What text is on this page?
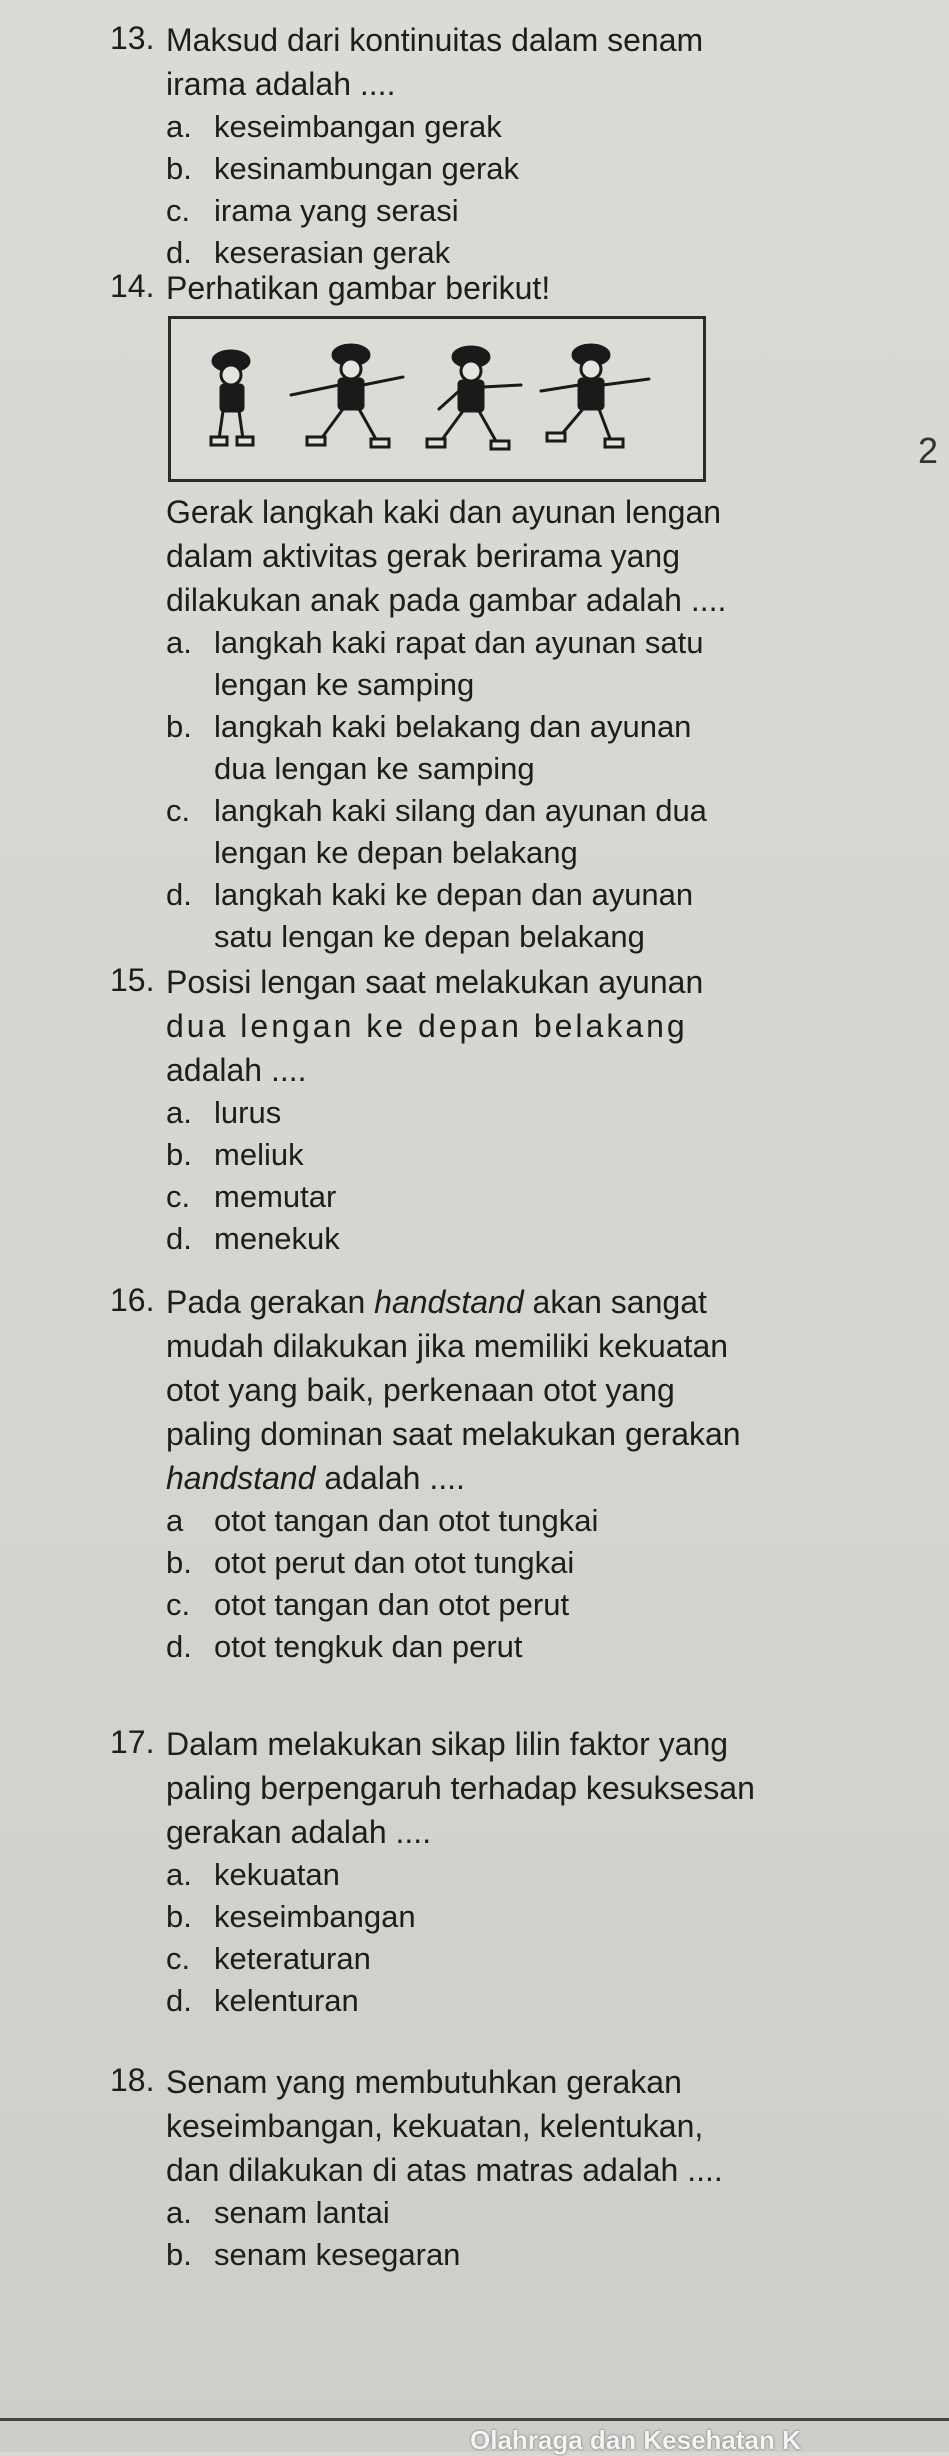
13. Maksud dari kontinuitas dalam senam

irama adalah ....

a. keseimbangan gerak
b. kesinambungan gerak
c. irama yang serasi
d. keserasian gerak
14. Perhatikan gambar berikut!

2

Gerak langkah kaki dan ayunan lengan

dalam aktivitas gerak berirama yang

dilakukan anak pada gambar adalah ....

a. langkah kaki rapat dan ayunan satu
lengan ke samping
b. langkah kaki belakang dan ayunan
dua lengan ke samping
c. langkah kaki silang dan ayunan dua
lengan ke depan belakang
d. langkah kaki ke depan dan ayunan
satu lengan ke depan belakang
15. Posisi lengan saat melakukan ayunan

dua lengan ke depan belakang

adalah ....

a. lurus
b. meliuk
c. memutar
d. menekuk
16. Pada gerakan handstand akan sangat

mudah dilakukan jika memiliki kekuatan

otot yang baik, perkenaan otot yang

paling dominan saat melakukan gerakan

handstand adalah ....

a otot tangan dan otot tungkai
b. otot perut dan otot tungkai
c. otot tangan dan otot perut
d. otot tengkuk dan perut
17. Dalam melakukan sikap lilin faktor yang

paling berpengaruh terhadap kesuksesan

gerakan adalah ....

a. kekuatan
b. keseimbangan
c. keteraturan
d. kelenturan
18. Senam yang membutuhkan gerakan

keseimbangan, kekuatan, kelentukan,

dan dilakukan di atas matras adalah ....

a. senam lantai
b. senam kesegaran
Olahraga dan Kesehatan K
